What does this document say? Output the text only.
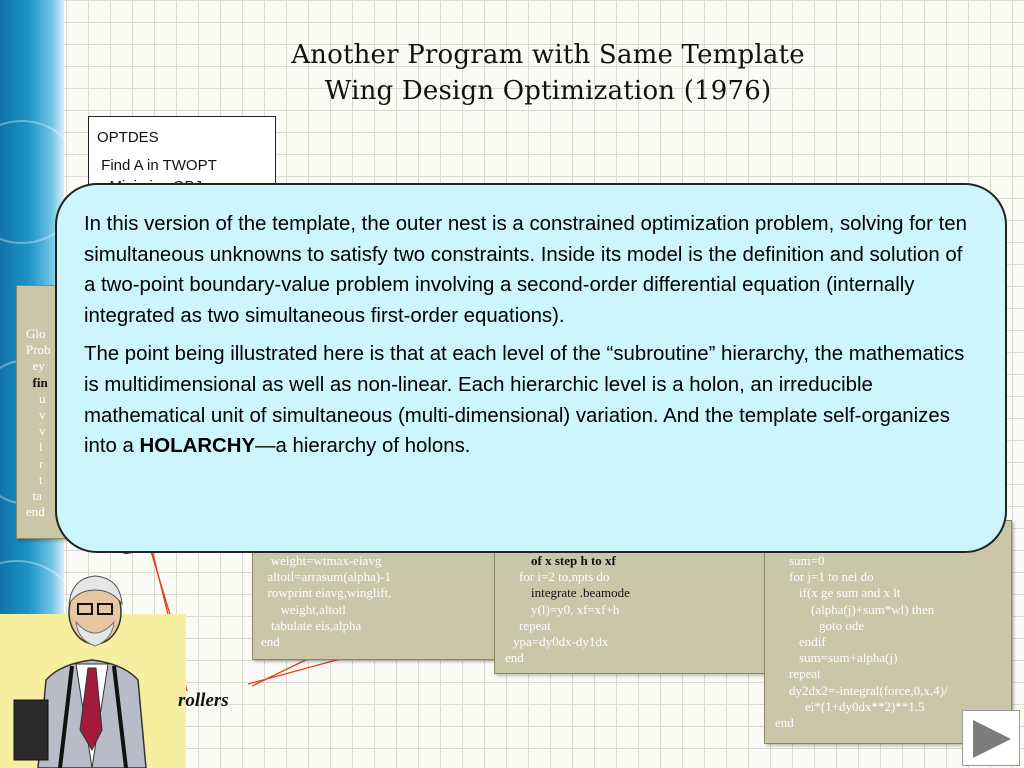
Another Program with Same Template
Wing Design Optimization (1976)
OPTDES
Find A in TWOPT
Glo
Prob
ey
fin
u
v
v
l
r
t
ta
end
weight=wtmax-eiavg
altotl=arrasum(alpha)-1
rowprint eiavg,winglift,
weight,altotl
tabulate eis,alpha
end
of x step h to xf
for i=2 to,npts do
integrate .beamode
y(l)=y0, xf=xf+h
repeat
ypa=dy0dx-dy1dx
end
sum=0
for j=1 to nei do
if(x ge sum and x lt
(alpha(j)+sum*wl) then
goto ode
endif
sum=sum+alpha(j)
repeat
dy2dx2=-integral(force,0,x,4)/
ei*(1+dy0dx**2)**1.5
end
rollers

In this version of the template, the outer nest is a constrained optimization problem, solving for ten simultaneous unknowns to satisfy two constraints. Inside its model is the definition and solution of a two-point boundary-value problem involving a second-order differential equation (internally integrated as two simultaneous first-order equations).

The point being illustrated here is that at each level of the “subroutine” hierarchy, the mathematics is multidimensional as well as non-linear. Each hierarchic level is a holon, an irreducible mathematical unit of simultaneous (multi-dimensional) variation. And the template self-organizes into a HOLARCHY—a hierarchy of holons.
